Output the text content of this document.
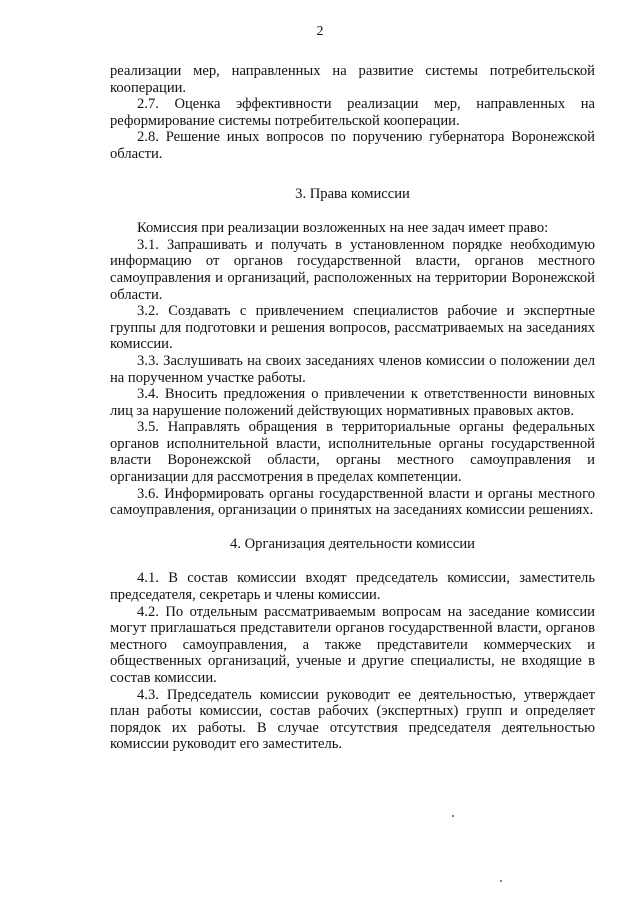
2

реализации мер, направленных на развитие системы потребительской кооперации.

2.7. Оценка эффективности реализации мер, направленных на реформирование системы потребительской кооперации.

2.8. Решение иных вопросов по поручению губернатора Воронежской области.

3. Права комиссии

Комиссия при реализации возложенных на нее задач имеет право:

3.1. Запрашивать и получать в установленном порядке необходимую информацию от органов государственной власти, органов местного самоуправления и организаций, расположенных на территории Воронежской области.

3.2. Создавать с привлечением специалистов рабочие и экспертные группы для подготовки и решения вопросов, рассматриваемых на заседаниях комиссии.

3.3. Заслушивать на своих заседаниях членов комиссии о положении дел на порученном участке работы.

3.4. Вносить предложения о привлечении к ответственности виновных лиц за нарушение положений действующих нормативных правовых актов.

3.5. Направлять обращения в территориальные органы федеральных органов исполнительной власти, исполнительные органы государственной власти Воронежской области, органы местного самоуправления и организации для рассмотрения в пределах компетенции.

3.6. Информировать органы государственной власти и органы местного самоуправления, организации о принятых на заседаниях комиссии решениях.

4. Организация деятельности комиссии

4.1. В состав комиссии входят председатель комиссии, заместитель председателя, секретарь и члены комиссии.

4.2. По отдельным рассматриваемым вопросам на заседание комиссии могут приглашаться представители органов государственной власти, органов местного самоуправления, а также представители коммерческих и общественных организаций, ученые и другие специалисты, не входящие в состав комиссии.

4.3. Председатель комиссии руководит ее деятельностью, утверждает план работы комиссии, состав рабочих (экспертных) групп и определяет порядок их работы. В случае отсутствия председателя деятельностью комиссии руководит его заместитель.
